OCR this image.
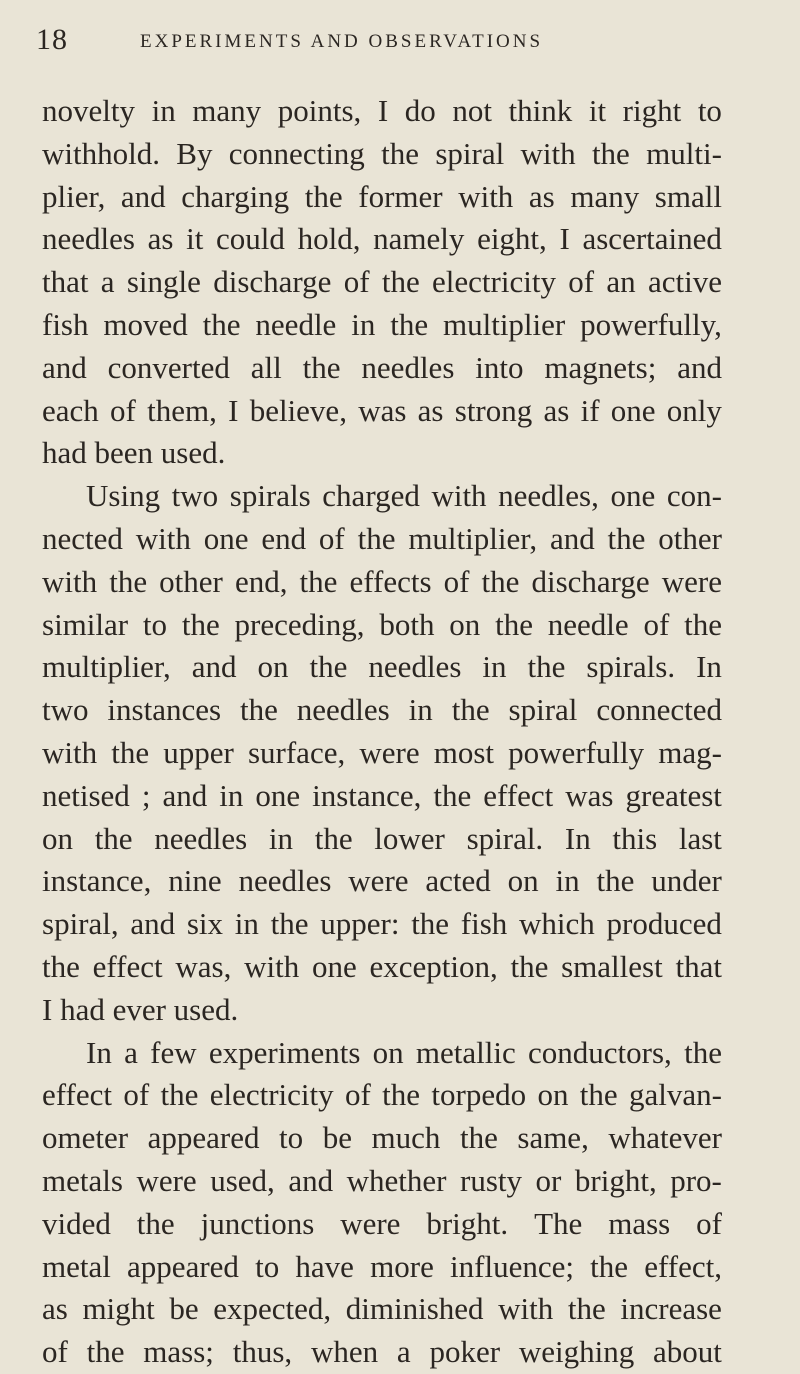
18	EXPERIMENTS AND OBSERVATIONS
novelty in many points, I do not think it right to
withhold. By connecting the spiral with the multi-
plier, and charging the former with as many small
needles as it could hold, namely eight, I ascertained
that a single discharge of the electricity of an active
fish moved the needle in the multiplier powerfully,
and converted all the needles into magnets; and
each of them, I believe, was as strong as if one only
had been used.
Using two spirals charged with needles, one con-
nected with one end of the multiplier, and the other
with the other end, the effects of the discharge were
similar to the preceding, both on the needle of the
multiplier, and on the needles in the spirals. In
two instances the needles in the spiral connected
with the upper surface, were most powerfully mag-
netised ; and in one instance, the effect was greatest
on the needles in the lower spiral. In this last
instance, nine needles were acted on in the under
spiral, and six in the upper: the fish which produced
the effect was, with one exception, the smallest that
I had ever used.
In a few experiments on metallic conductors, the
effect of the electricity of the torpedo on the galvan-
ometer appeared to be much the same, whatever
metals were used, and whether rusty or bright, pro-
vided the junctions were bright. The mass of
metal appeared to have more influence; the effect,
as might be expected, diminished with the increase
of the mass; thus, when a poker weighing about
